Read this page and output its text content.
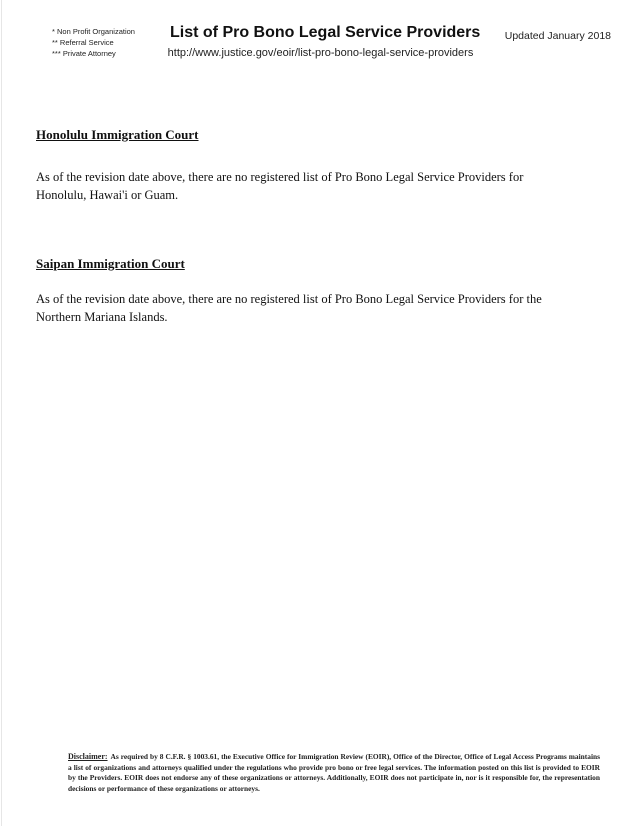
* Non Profit Organization
** Referral Service
*** Private Attorney
List of Pro Bono Legal Service Providers
http://www.justice.gov/eoir/list-pro-bono-legal-service-providers
Updated January 2018
Honolulu Immigration Court
As of the revision date above, there are no registered list of Pro Bono Legal Service Providers for
Honolulu, Hawai'i or Guam.
Saipan Immigration Court
As of the revision date above, there are no registered list of Pro Bono Legal Service Providers for the
Northern Mariana Islands.
Disclaimer: As required by 8 C.F.R. § 1003.61, the Executive Office for Immigration Review (EOIR), Office of the Director, Office of Legal Access Programs maintains a list of organizations and attorneys qualified under the regulations who provide pro bono or free legal services. The information posted on this list is provided to EOIR by the Providers. EOIR does not endorse any of these organizations or attorneys. Additionally, EOIR does not participate in, nor is it responsible for, the representation decisions or performance of these organizations or attorneys.
